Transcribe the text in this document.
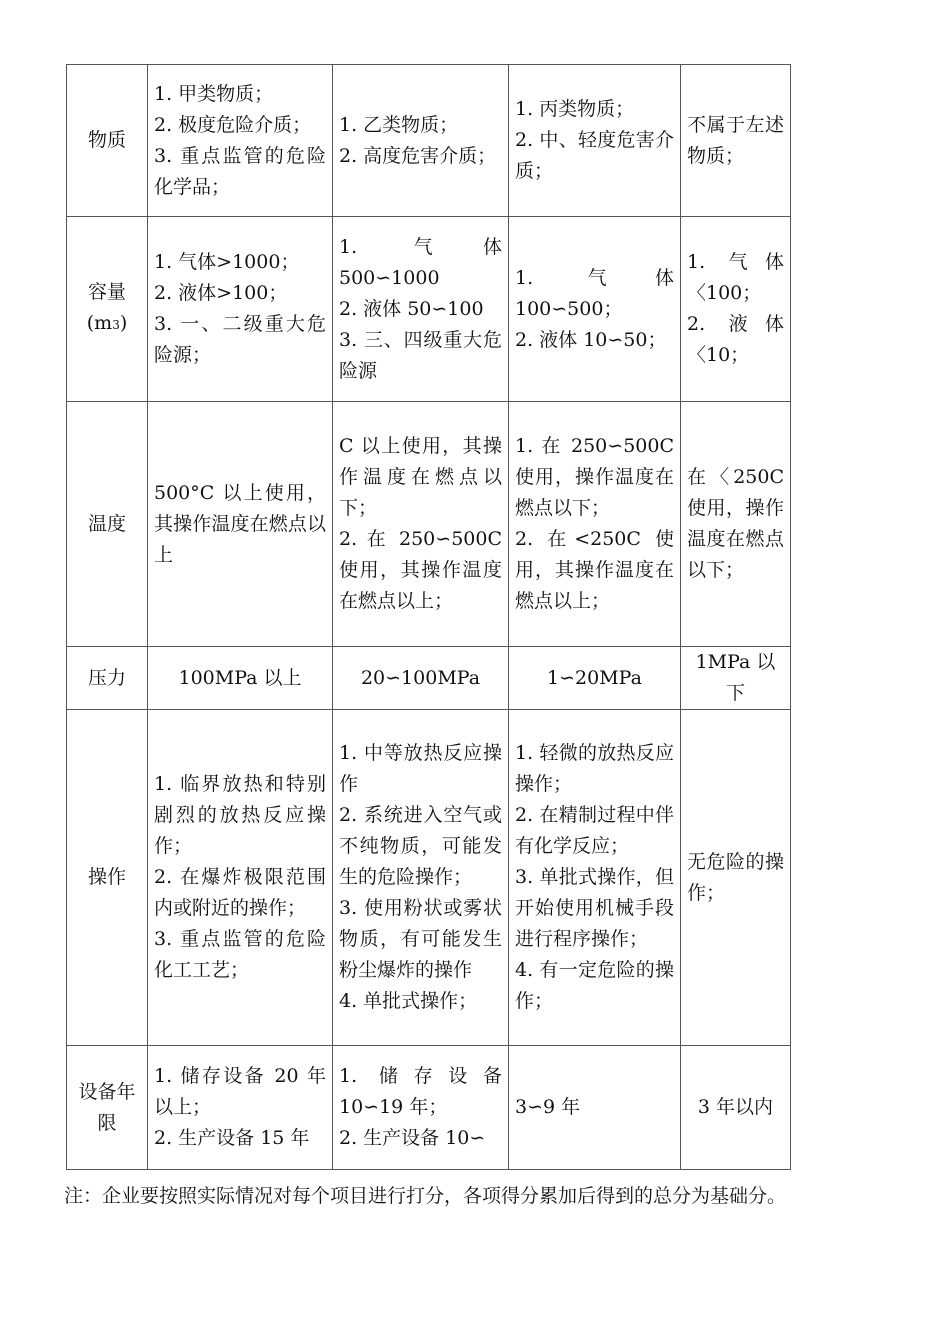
物质	1. 甲类物质；
2. 极度危险介质；
3. 重点监管的危险化学品；	1. 乙类物质；
2. 高度危害介质；	1. 丙类物质；
2. 中、轻度危害介质；	不属于左述物质；

容量
(m3)	1. 气体>1000；
2. 液体>100；
3. 一、二级重大危险源；	1. 气体 500∽1000
2. 液体 50∽100
3. 三、四级重大危险源	1. 气体 100∽500；
2. 液体 10∽50；	1. 气体〈100；
2. 液体〈10；

温度	500°C 以上使用，其操作温度在燃点以上	C 以上使用，其操作温度在燃点以下；
2. 在 250∽500C 使用，其操作温度在燃点以上；	1. 在 250∽500C 使用，操作温度在燃点以下；
2. 在<250C 使用，其操作温度在燃点以上；	在〈250C 使用，操作温度在燃点以下；

压力	100MPa 以上	20∽100MPa	1∽20MPa	1MPa 以下

操作	1. 临界放热和特别剧烈的放热反应操作；
2. 在爆炸极限范围内或附近的操作；
3. 重点监管的危险化工工艺；	1. 中等放热反应操作
2. 系统进入空气或不纯物质，可能发生的危险操作；
3. 使用粉状或雾状物质，有可能发生粉尘爆炸的操作
4. 单批式操作；	1. 轻微的放热反应操作；
2. 在精制过程中伴有化学反应；
3. 单批式操作，但开始使用机械手段进行程序操作；
4. 有一定危险的操作；	无危险的操作；

设备年限	1. 储存设备 20 年以上；
2. 生产设备 15 年	1. 储存设备 10∽19 年；
2. 生产设备 10∽	3∽9 年	3 年以内
注：企业要按照实际情况对每个项目进行打分，各项得分累加后得到的总分为基础分。
